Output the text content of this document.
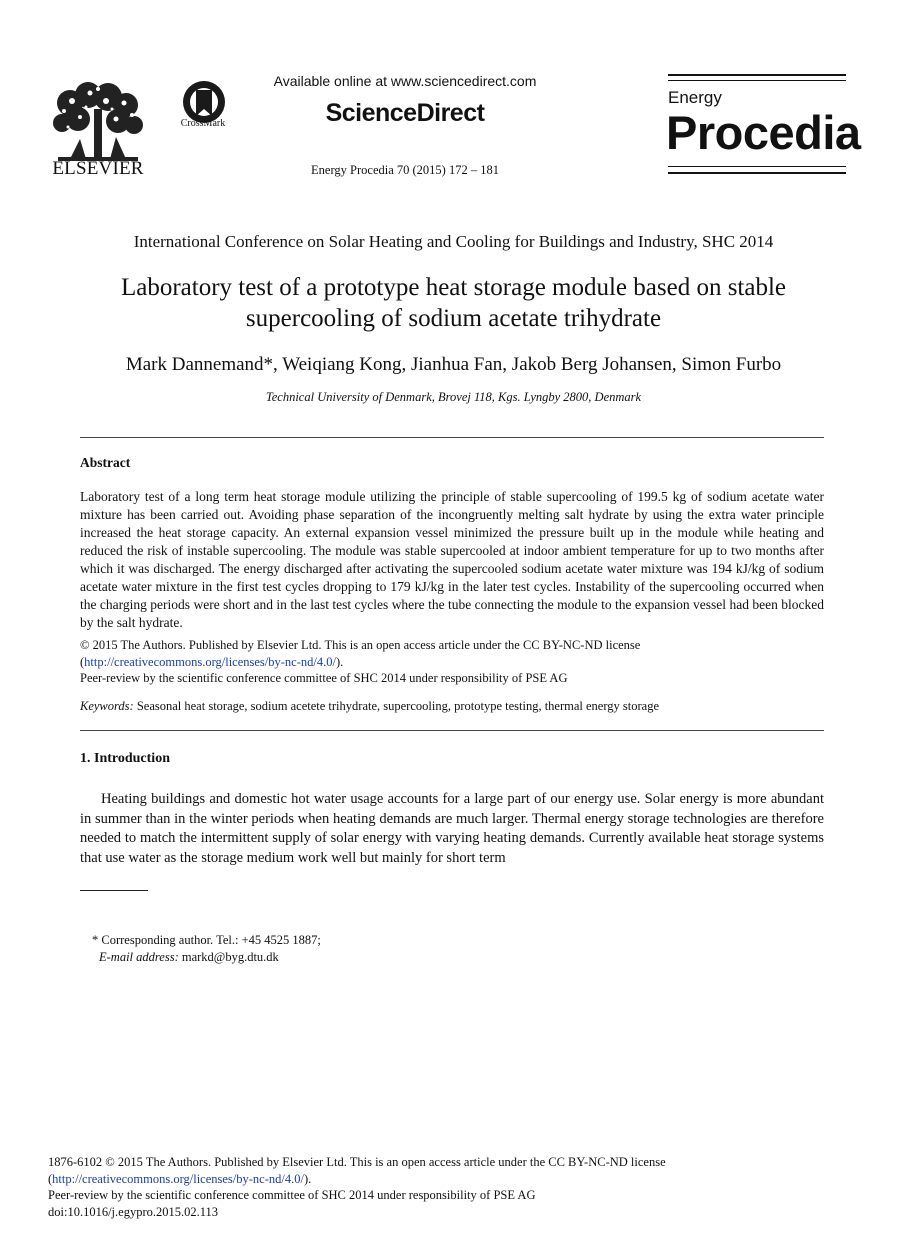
ELSEVIER
CrossMark
Available online at www.sciencedirect.com
ScienceDirect
Energy Procedia 70 (2015) 172 – 181
Energy
Procedia
International Conference on Solar Heating and Cooling for Buildings and Industry, SHC 2014
Laboratory test of a prototype heat storage module based on stable
supercooling of sodium acetate trihydrate
Mark Dannemand*, Weiqiang Kong, Jianhua Fan, Jakob Berg Johansen, Simon Furbo
Technical University of Denmark, Brovej 118, Kgs. Lyngby 2800, Denmark
Abstract
Laboratory test of a long term heat storage module utilizing the principle of stable supercooling of 199.5 kg of sodium acetate water mixture has been carried out. Avoiding phase separation of the incongruently melting salt hydrate by using the extra water principle increased the heat storage capacity. An external expansion vessel minimized the pressure built up in the module while heating and reduced the risk of instable supercooling. The module was stable supercooled at indoor ambient temperature for up to two months after which it was discharged. The energy discharged after activating the supercooled sodium acetate water mixture was 194 kJ/kg of sodium acetate water mixture in the first test cycles dropping to 179 kJ/kg in the later test cycles. Instability of the supercooling occurred when the charging periods were short and in the last test cycles where the tube connecting the module to the expansion vessel had been blocked by the salt hydrate.
© 2015 The Authors. Published by Elsevier Ltd. This is an open access article under the CC BY-NC-ND license
(http://creativecommons.org/licenses/by-nc-nd/4.0/).
Peer-review by the scientific conference committee of SHC 2014 under responsibility of PSE AG
Keywords: Seasonal heat storage, sodium acetete trihydrate, supercooling, prototype testing, thermal energy storage
1. Introduction
Heating buildings and domestic hot water usage accounts for a large part of our energy use. Solar energy is more abundant in summer than in the winter periods when heating demands are much larger. Thermal energy storage technologies are therefore needed to match the intermittent supply of solar energy with varying heating demands. Currently available heat storage systems that use water as the storage medium work well but mainly for short term
* Corresponding author. Tel.: +45 4525 1887;
E-mail address: markd@byg.dtu.dk
1876-6102 © 2015 The Authors. Published by Elsevier Ltd. This is an open access article under the CC BY-NC-ND license
(http://creativecommons.org/licenses/by-nc-nd/4.0/).
Peer-review by the scientific conference committee of SHC 2014 under responsibility of PSE AG
doi:10.1016/j.egypro.2015.02.113
